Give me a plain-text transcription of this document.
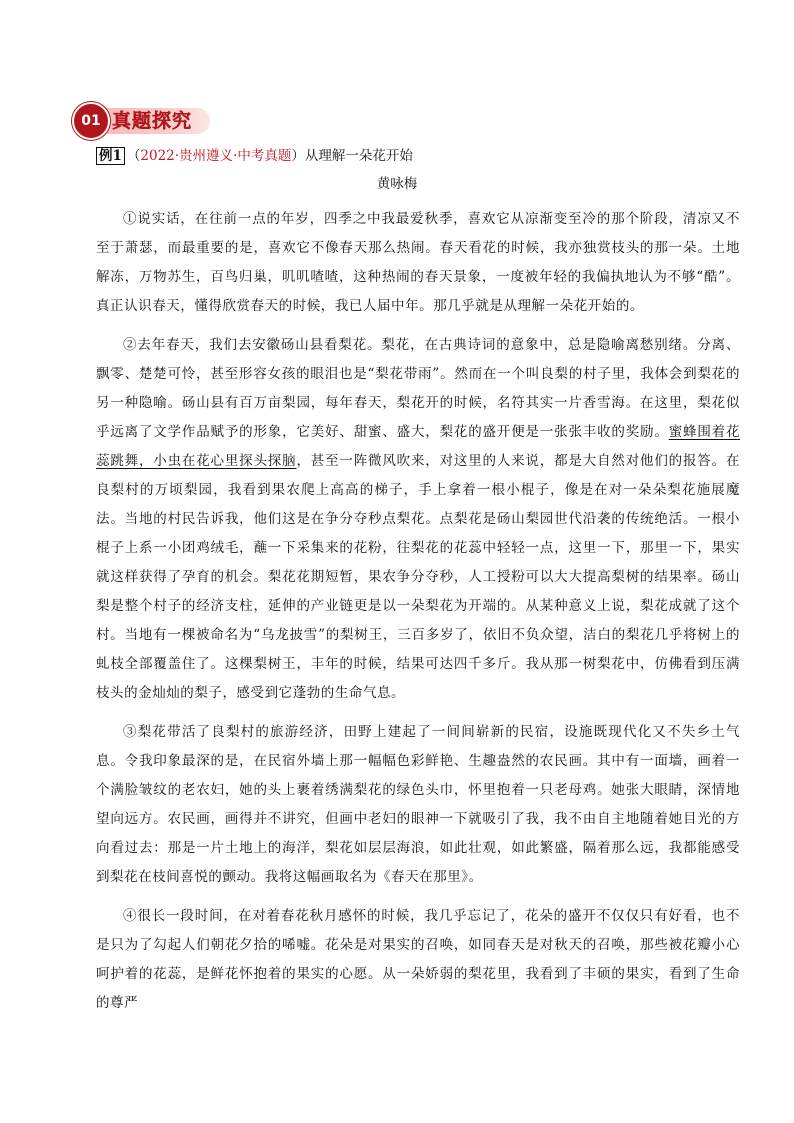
01 真题探究
例1 （2022·贵州遵义·中考真题）从理解一朵花开始
黄咏梅

①说实话，在往前一点的年岁，四季之中我最爱秋季，喜欢它从凉渐变至冷的那个阶段，清凉又不至于萧瑟，而最重要的是，喜欢它不像春天那么热闹。春天看花的时候，我亦独赏枝头的那一朵。土地解冻，万物苏生，百鸟归巢，叽叽喳喳，这种热闹的春天景象，一度被年轻的我偏执地认为不够“酷”。真正认识春天，懂得欣赏春天的时候，我已人届中年。那几乎就是从理解一朵花开始的。

②去年春天，我们去安徽砀山县看梨花。梨花，在古典诗词的意象中，总是隐喻离愁别绪。分离、飘零、楚楚可怜，甚至形容女孩的眼泪也是“梨花带雨”。然而在一个叫良梨的村子里，我体会到梨花的另一种隐喻。砀山县有百万亩梨园，每年春天，梨花开的时候，名符其实一片香雪海。在这里，梨花似乎远离了文学作品赋予的形象，它美好、甜蜜、盛大，梨花的盛开便是一张张丰收的奖励。蜜蜂围着花蕊跳舞，小虫在花心里探头探脑，甚至一阵微风吹来，对这里的人来说，都是大自然对他们的报答。在良梨村的万顷梨园，我看到果农爬上高高的梯子，手上拿着一根小棍子，像是在对一朵朵梨花施展魔法。当地的村民告诉我，他们这是在争分夺秒点梨花。点梨花是砀山梨园世代沿袭的传统绝活。一根小棍子上系一小团鸡绒毛，蘸一下采集来的花粉，往梨花的花蕊中轻轻一点，这里一下，那里一下，果实就这样获得了孕育的机会。梨花花期短暂，果农争分夺秒，人工授粉可以大大提高梨树的结果率。砀山梨是整个村子的经济支柱，延伸的产业链更是以一朵梨花为开端的。从某种意义上说，梨花成就了这个村。当地有一棵被命名为“乌龙披雪”的梨树王，三百多岁了，依旧不负众望，洁白的梨花几乎将树上的虬枝全部覆盖住了。这棵梨树王，丰年的时候，结果可达四千多斤。我从那一树梨花中，仿佛看到压满枝头的金灿灿的梨子，感受到它蓬勃的生命气息。

③梨花带活了良梨村的旅游经济，田野上建起了一间间崭新的民宿，设施既现代化又不失乡土气息。令我印象最深的是，在民宿外墙上那一幅幅色彩鲜艳、生趣盎然的农民画。其中有一面墙，画着一个满脸皱纹的老农妇，她的头上裹着绣满梨花的绿色头巾，怀里抱着一只老母鸡。她张大眼睛，深情地望向远方。农民画，画得并不讲究，但画中老妇的眼神一下就吸引了我，我不由自主地随着她目光的方向看过去：那是一片土地上的海洋，梨花如层层海浪，如此壮观，如此繁盛，隔着那么远，我都能感受到梨花在枝间喜悦的颤动。我将这幅画取名为《春天在那里》。

④很长一段时间，在对着春花秋月感怀的时候，我几乎忘记了，花朵的盛开不仅仅只有好看，也不是只为了勾起人们朝花夕拾的唏嘘。花朵是对果实的召唤，如同春天是对秋天的召唤，那些被花瓣小心呵护着的花蕊，是鲜花怀抱着的果实的心愿。从一朵娇弱的梨花里，我看到了丰硕的果实，看到了生命的尊严
